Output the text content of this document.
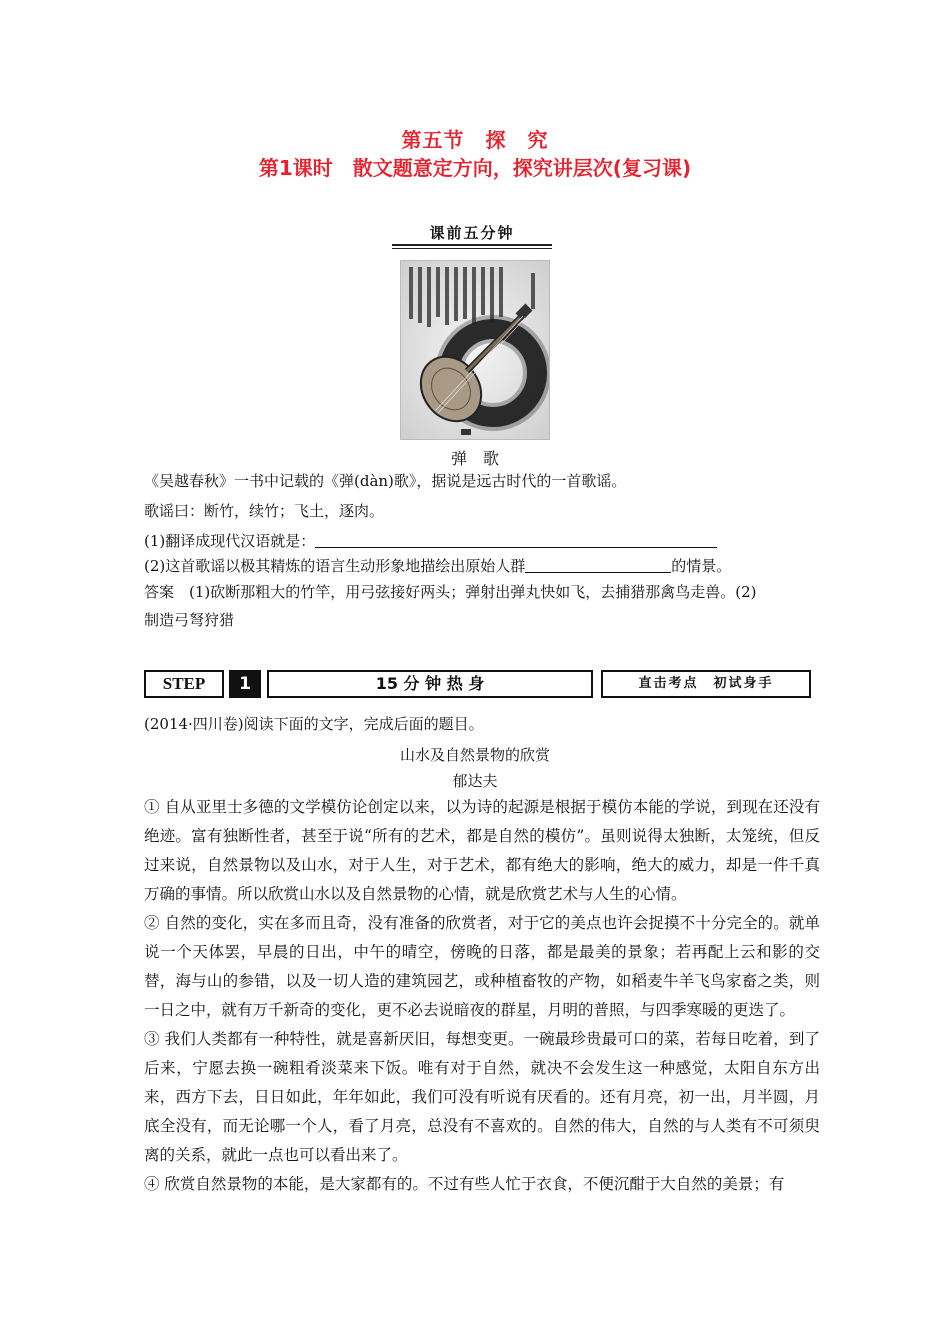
第五节　探　究
第1课时　散文题意定方向，探究讲层次(复习课)
课前五分钟
弹　歌
《吴越春秋》一书中记载的《弹(dàn)歌》，据说是远古时代的一首歌谣。
歌谣曰：断竹，续竹；飞土，逐肉。
(1)翻译成现代汉语就是：
(2)这首歌谣以极其精炼的语言生动形象地描绘出原始人群	的情景。
答案　(1)砍断那粗大的竹竿，用弓弦接好两头；弹射出弹丸快如飞，去捕猎那禽鸟走兽。(2)
制造弓弩狩猎
STEP	1	15 分 钟 热 身	直击考点　初试身手
(2014·四川卷)阅读下面的文字，完成后面的题目。
山水及自然景物的欣赏
郁达夫

① 自从亚里士多德的文学模仿论创定以来，以为诗的起源是根据于模仿本能的学说，到现在还没有绝迹。富有独断性者，甚至于说“所有的艺术，都是自然的模仿”。虽则说得太独断，太笼统，但反过来说，自然景物以及山水，对于人生，对于艺术，都有绝大的影响，绝大的威力，却是一件千真万确的事情。所以欣赏山水以及自然景物的心情，就是欣赏艺术与人生的心情。

② 自然的变化，实在多而且奇，没有准备的欣赏者，对于它的美点也许会捉摸不十分完全的。就单说一个天体罢，早晨的日出，中午的晴空，傍晚的日落，都是最美的景象；若再配上云和影的交替，海与山的参错，以及一切人造的建筑园艺，或种植畜牧的产物，如稻麦牛羊飞鸟家畜之类，则一日之中，就有万千新奇的变化，更不必去说暗夜的群星，月明的普照，与四季寒暖的更迭了。

③ 我们人类都有一种特性，就是喜新厌旧，每想变更。一碗最珍贵最可口的菜，若每日吃着，到了后来，宁愿去换一碗粗肴淡菜来下饭。唯有对于自然，就决不会发生这一种感觉，太阳自东方出来，西方下去，日日如此，年年如此，我们可没有听说有厌看的。还有月亮，初一出，月半圆，月底全没有，而无论哪一个人，看了月亮，总没有不喜欢的。自然的伟大，自然的与人类有不可须臾离的关系，就此一点也可以看出来了。

④ 欣赏自然景物的本能，是大家都有的。不过有些人忙于衣食，不便沉酣于大自然的美景；有
